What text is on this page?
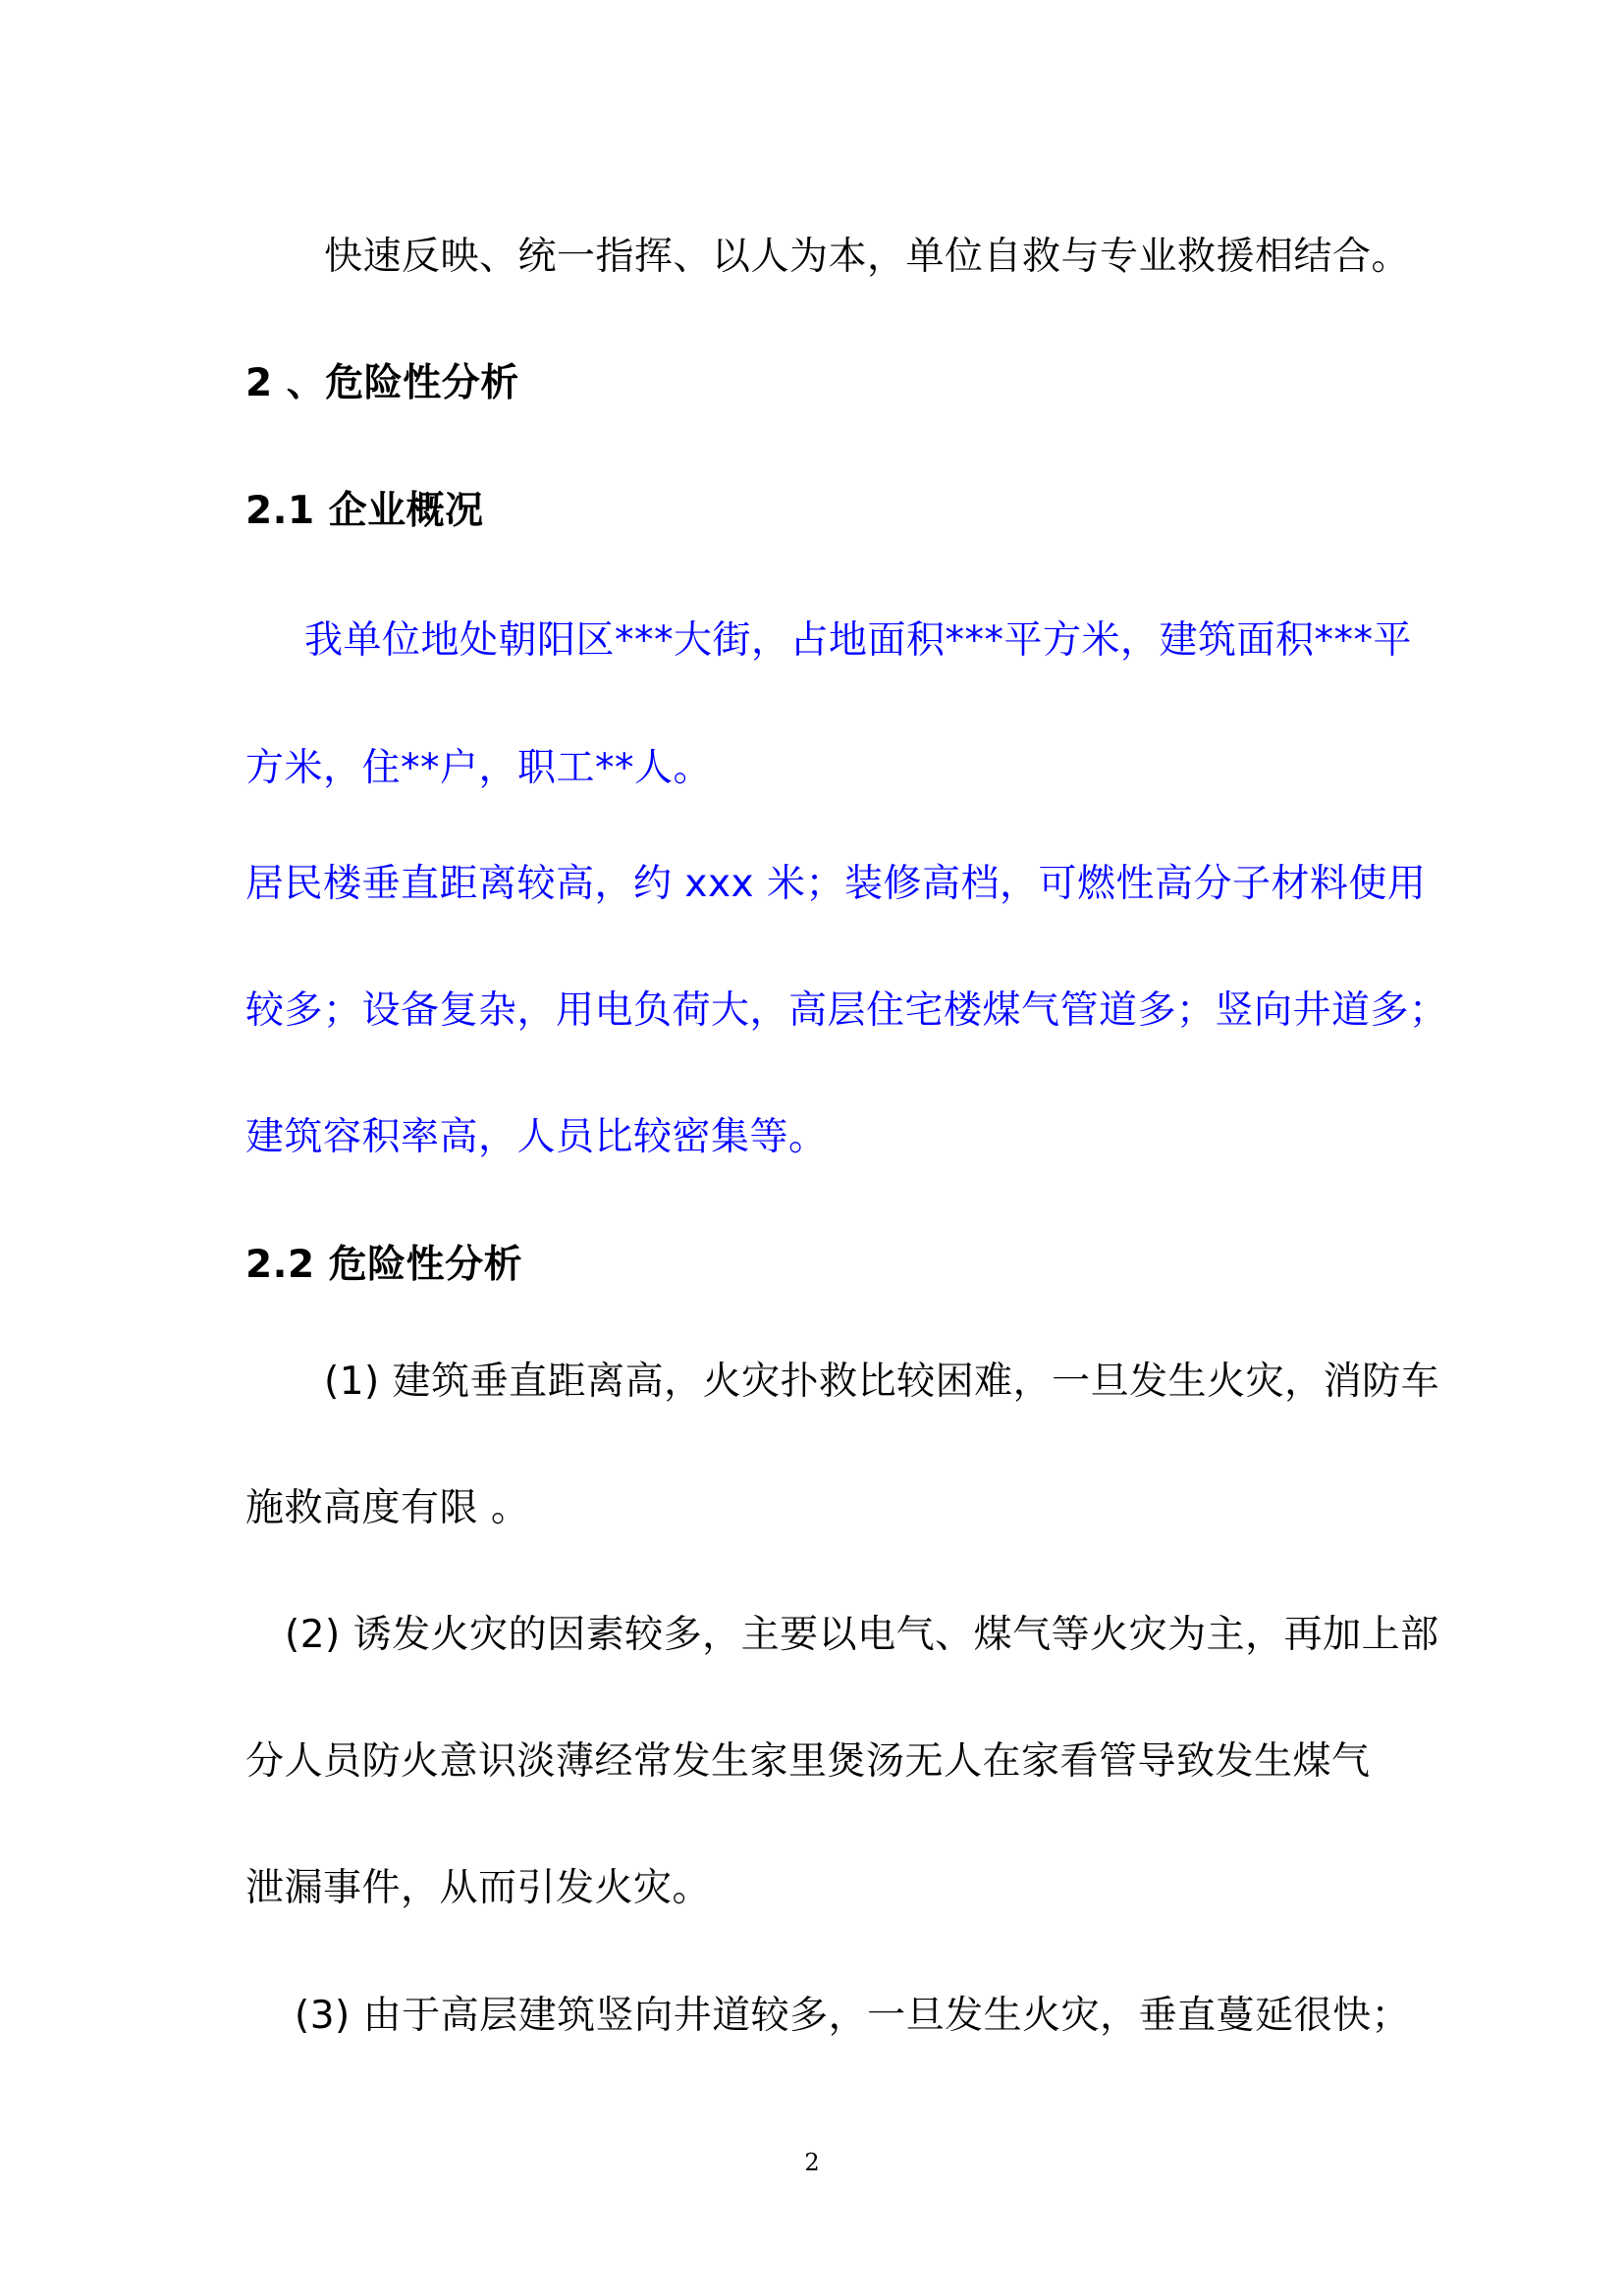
快速反映、统一指挥、以人为本，单位自救与专业救援相结合。
2 、危险性分析
2.1 企业概况
我单位地处朝阳区***大街，占地面积***平方米，建筑面积***平
方米，住**户，职工**人。
居民楼垂直距离较高，约 xxx 米；装修高档，可燃性高分子材料使用
较多；设备复杂，用电负荷大，高层住宅楼煤气管道多；竖向井道多；
建筑容积率高，人员比较密集等。
2.2 危险性分析
(1) 建筑垂直距离高，火灾扑救比较困难，一旦发生火灾，消防车
施救高度有限 。
(2) 诱发火灾的因素较多，主要以电气、煤气等火灾为主，再加上部
分人员防火意识淡薄经常发生家里煲汤无人在家看管导致发生煤气
泄漏事件，从而引发火灾。
(3) 由于高层建筑竖向井道较多，一旦发生火灾，垂直蔓延很快；
2
